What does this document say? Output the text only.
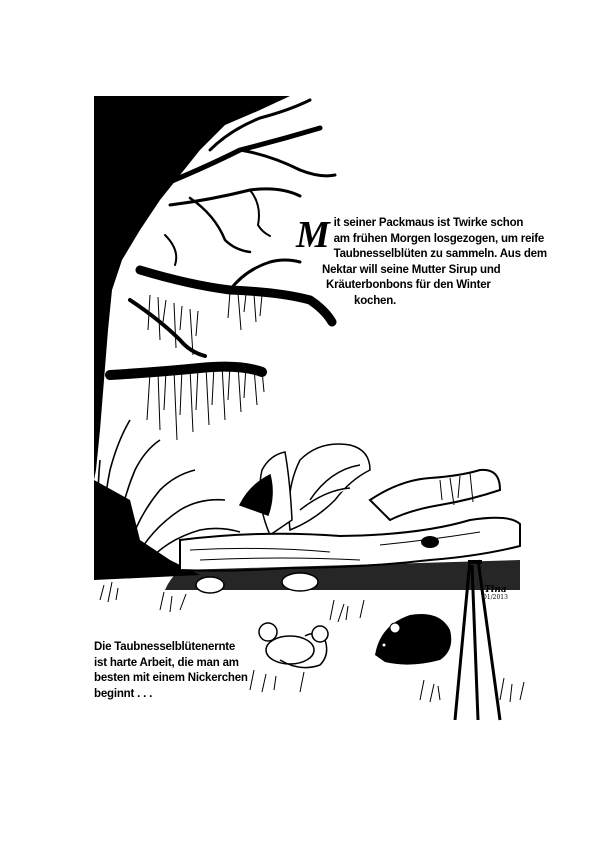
M it seiner Packmaus ist Twirke schon
am frühen Morgen losgezogen, um reife
Taubnesselblüten zu sammeln. Aus dem
Nektar will seine Mutter Sirup und
Kräuterbonbons für den Winter
kochen.
Die Taubnesselblütenernte
ist harte Arbeit, die man am
besten mit einem Nickerchen
beginnt . . .
Tina
01/2013
